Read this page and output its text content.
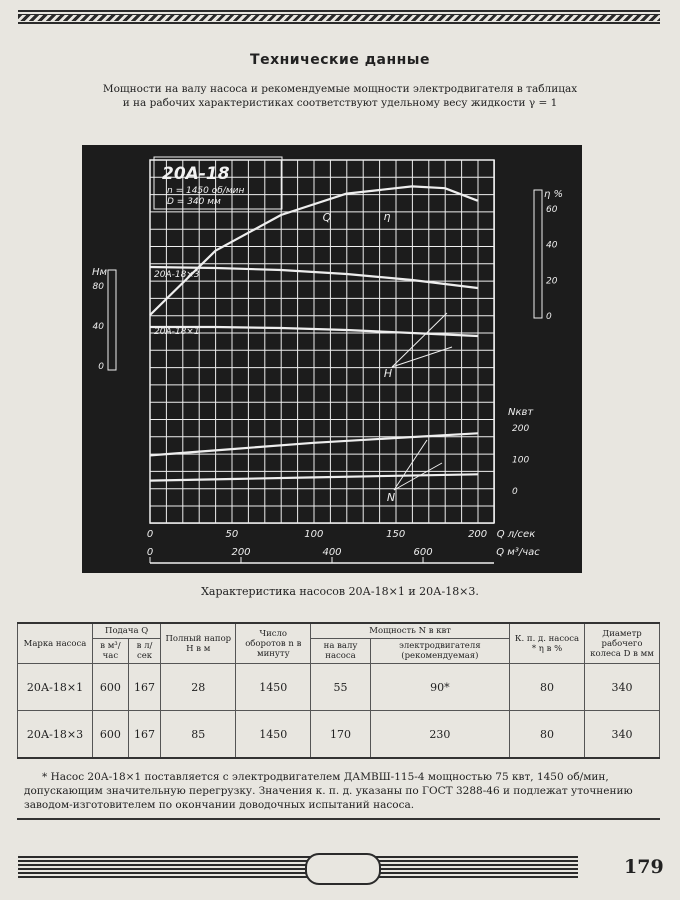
Технические данные
Мощности на валу насоса и рекомендуемые мощности электродвигателя в таблицах
и на рабочих характеристиках соответствуют удельному весу жидкости γ = 1
0	50	100	150	200 Q л/сек
0	200	400	600	Q м³/час
0
40
80
Нм
0
20
40
60
η %
0
100
200
Nквт
20А-18×3
20А-18×1
Q	η
H
N
20А-18
n = 1450 об/мин
D = 340 мм
Характеристика насосов 20А-18×1 и 20А-18×3.
Марка насоса	Подача Q		Полный напор H в м	Число оборотов n в минуту	Мощность N в квт		К. п. д. насоса * η в %	Диаметр рабочего колеса D в мм
	в м³/час	в л/сек			на валу насоса	электродвигателя (рекомендуемая)		
20А-18×1	600	167	28	1450	55	90*	80	340
20А-18×3	600	167	85	1450	170	230	80	340
* Насос 20А-18×1 поставляется с электродвигателем ДАМВШ-115-4 мощностью 75 квт, 1450 об/мин, допускающим значительную перегрузку. Значения к. п. д. указаны по ГОСТ 3288-46 и подлежат уточнению заводом-изготовителем по окончании доводочных испытаний насоса.
179
